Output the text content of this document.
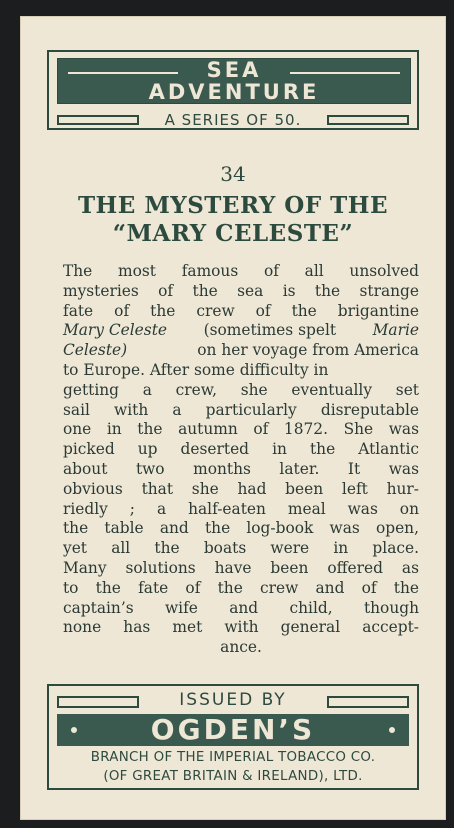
SEA
ADVENTURE
A SERIES OF 50.
34
THE MYSTERY OF THE
“MARY CELESTE”
The most famous of all unsolved
mysteries of the sea is the strange
fate of the crew of the brigantine
Mary Celeste (sometimes spelt Marie
Celeste)	on her voyage from America
to Europe. After some difficulty in
getting a crew, she eventually set
sail with a particularly disreputable
one in the autumn of 1872. She was
picked up deserted in the Atlantic
about two months later. It was
obvious that she had been left hur-
riedly ; a half-eaten meal was on
the table and the log-book was open,
yet all the boats were in place.
Many solutions have been offered as
to the fate of the crew and of the
captain’s wife and child, though
none has met with general accept-
ance.
ISSUED BY
OGDEN’S
BRANCH OF THE IMPERIAL TOBACCO CO.
(OF GREAT BRITAIN & IRELAND), LTD.
